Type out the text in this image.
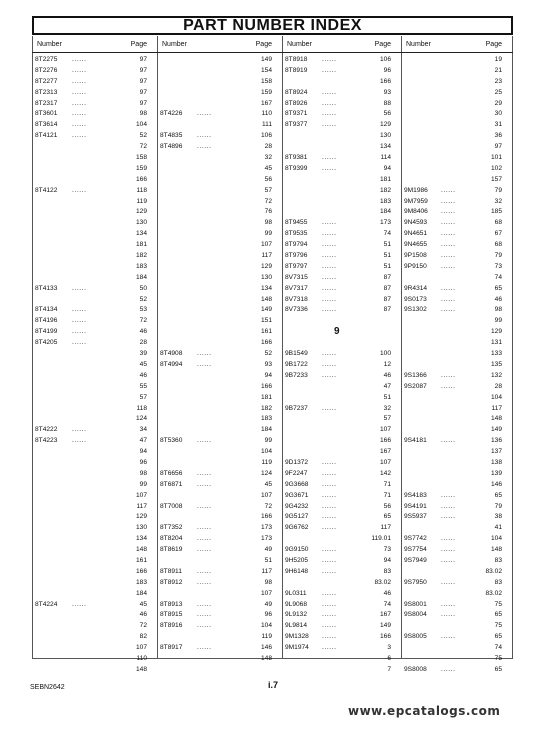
PART NUMBER INDEX
Number	Page
8T2275 ......	97
8T2276 ......	97
8T2277 ......	97
8T2313 ......	97
8T2317 ......	97
8T3601 ......	98
8T3614 ......	104
8T4121 ......	52
72
158
159
166
8T4122 ......	118
119
129
130
134
181
182
183
184
8T4133 ......	50
52
8T4134 ......	53
8T4196 ......	72
8T4199 ......	46
8T4205 ......	28
39
45
46
55
57
118
124
8T4222 ......	34
8T4223 ......	47
94
96
98
99
107
117
129
130
134
148
161
166
183
184
8T4224 ......	45
46
72
82
107
110
148
Number	Page
149
154
158
159
167
8T4226 ......	110
111
8T4835 ......	106
8T4896 ......	28
32
45
56
57
72
76
98
99
107
117
129
130
134
148
149
151
161
166
8T4908 ......	52
8T4994 ......	93
94
166
181
182
183
184
8T5360 ......	99
104
119
8T6656 ......	124
8T6871 ......	45
107
8T7008 ......	72
166
8T7352 ......	173
8T8204 ......	173
8T8619 ......	49
51
8T8911 ......	117
8T8912 ......	98
107
8T8913 ......	49
8T8915 ......	96
8T8916 ......	104
119
8T8917 ......	146
148
Number	Page
8T8918 ......	106
8T8919 ......	96
166
8T8924 ......	93
8T8926 ......	88
8T9371 ......	56
8T9377 ......	129
130
134
8T9381 ......	114
8T9399 ......	94
181
182
183
184
8T9455 ......	173
8T9535 ......	74
8T9794 ......	51
8T9796 ......	51
8T9797 ......	51
8V7315 ......	87
8V7317 ......	87
8V7318 ......	87
8V7336 ......	87
9
9B1549 ......	100
9B1722 ......	12
9B7233 ......	46
47
51
9B7237 ......	32
57
107
166
167
9D1372 ......	107
9F2247 ......	142
9G3668 ......	71
9G3671 ......	71
9G4232 ......	56
9G5127 ......	65
9G6762 ......	117
119.01
9G9150 ......	73
9H5205 ......	94
9H6148 ......	83
83.02
9L0311 ......	46
9L9068 ......	74
9L9132 ......	167
9L9814 ......	149
9M1328 ......	166
9M1974 ......	3
6
7
Number	Page
19
21
23
25
29
30
31
36
97
101
102
157
9M1986 ......	79
9M7959 ......	32
9M8406 ......	185
9N4593 ......	68
9N4651 ......	67
9N4655 ......	68
9P1508 ......	79
9P9150 ......	73
74
9R4314 ......	65
9S0173 ......	46
9S1302 ......	98
99
129
131
133
135
9S1366 ......	132
9S2087 ......	28
104
117
148
149
9S4181 ......	136
137
138
139
146
9S4183 ......	65
9S4191 ......	79
9S5937 ......	38
41
9S7742 ......	104
9S7754 ......	148
9S7949 ......	83
83.02
9S7950 ......	83
83.02
9S8001 ......	75
9S8004 ......	65
75
9S8005 ......	65
74
75
9S8008 ......	65
SEBN2642	i.7
www.epcatalogs.com
